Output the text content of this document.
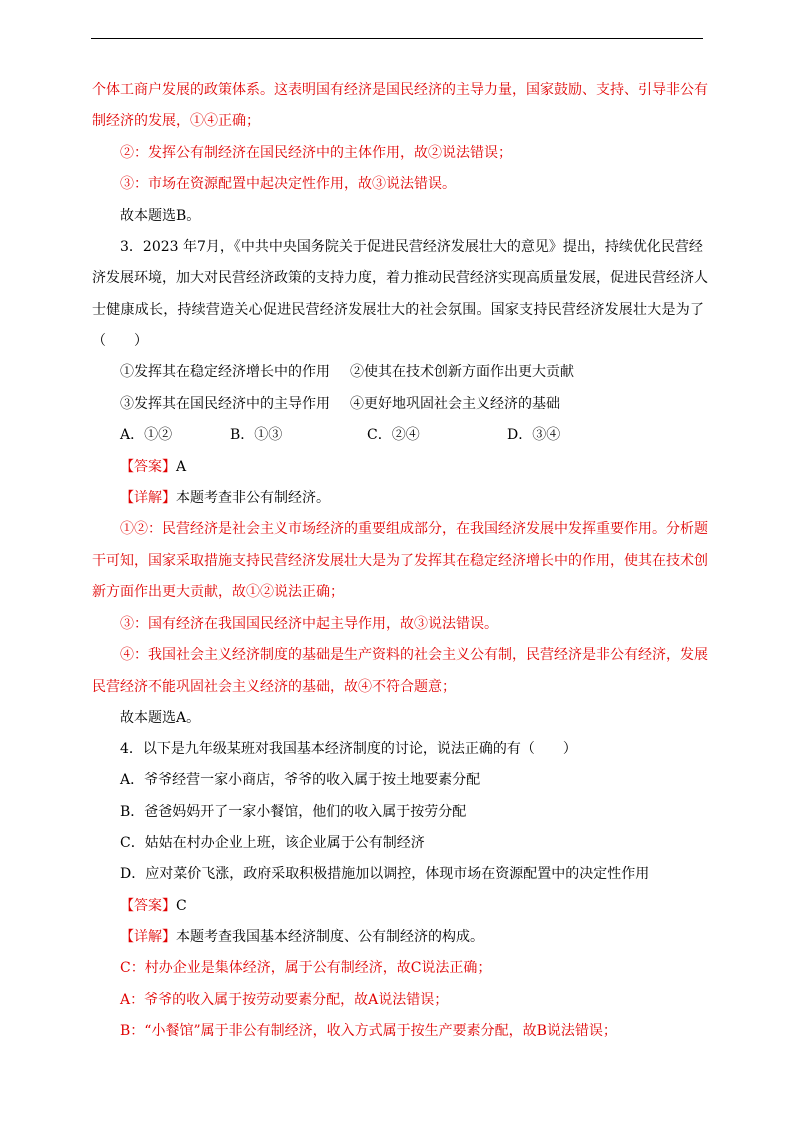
个体工商户发展的政策体系。这表明国有经济是国民经济的主导力量，国家鼓励、支持、引导非公有
制经济的发展，①④正确；
②：发挥公有制经济在国民经济中的主体作用，故②说法错误；
③：市场在资源配置中起决定性作用，故③说法错误。
故本题选B。
3．2023 年7月，《中共中央国务院关于促进民营经济发展壮大的意见》提出，持续优化民营经
济发展环境，加大对民营经济政策的支持力度，着力推动民营经济实现高质量发展，促进民营经济人
士健康成长，持续营造关心促进民营经济发展壮大的社会氛围。国家支持民营经济发展壮大是为了
（　　）
①发挥其在稳定经济增长中的作用 ②使其在技术创新方面作出更大贡献
③发挥其在国民经济中的主导作用 ④更好地巩固社会主义经济的基础
A．①②	B．①③	C．②④	D．③④
【答案】A
【详解】本题考查非公有制经济。
①②：民营经济是社会主义市场经济的重要组成部分，在我国经济发展中发挥重要作用。分析题
干可知，国家采取措施支持民营经济发展壮大是为了发挥其在稳定经济增长中的作用，使其在技术创
新方面作出更大贡献，故①②说法正确；
③：国有经济在我国国民经济中起主导作用，故③说法错误。
④：我国社会主义经济制度的基础是生产资料的社会主义公有制，民营经济是非公有经济，发展
民营经济不能巩固社会主义经济的基础，故④不符合题意；
故本题选A。
4．以下是九年级某班对我国基本经济制度的讨论，说法正确的有（　　）
A．爷爷经营一家小商店，爷爷的收入属于按土地要素分配
B．爸爸妈妈开了一家小餐馆，他们的收入属于按劳分配
C．姑姑在村办企业上班，该企业属于公有制经济
D．应对菜价飞涨，政府采取积极措施加以调控，体现市场在资源配置中的决定性作用
【答案】C
【详解】本题考查我国基本经济制度、公有制经济的构成。
C：村办企业是集体经济，属于公有制经济，故C说法正确；
A：爷爷的收入属于按劳动要素分配，故A说法错误；
B：“小餐馆”属于非公有制经济，收入方式属于按生产要素分配，故B说法错误；
